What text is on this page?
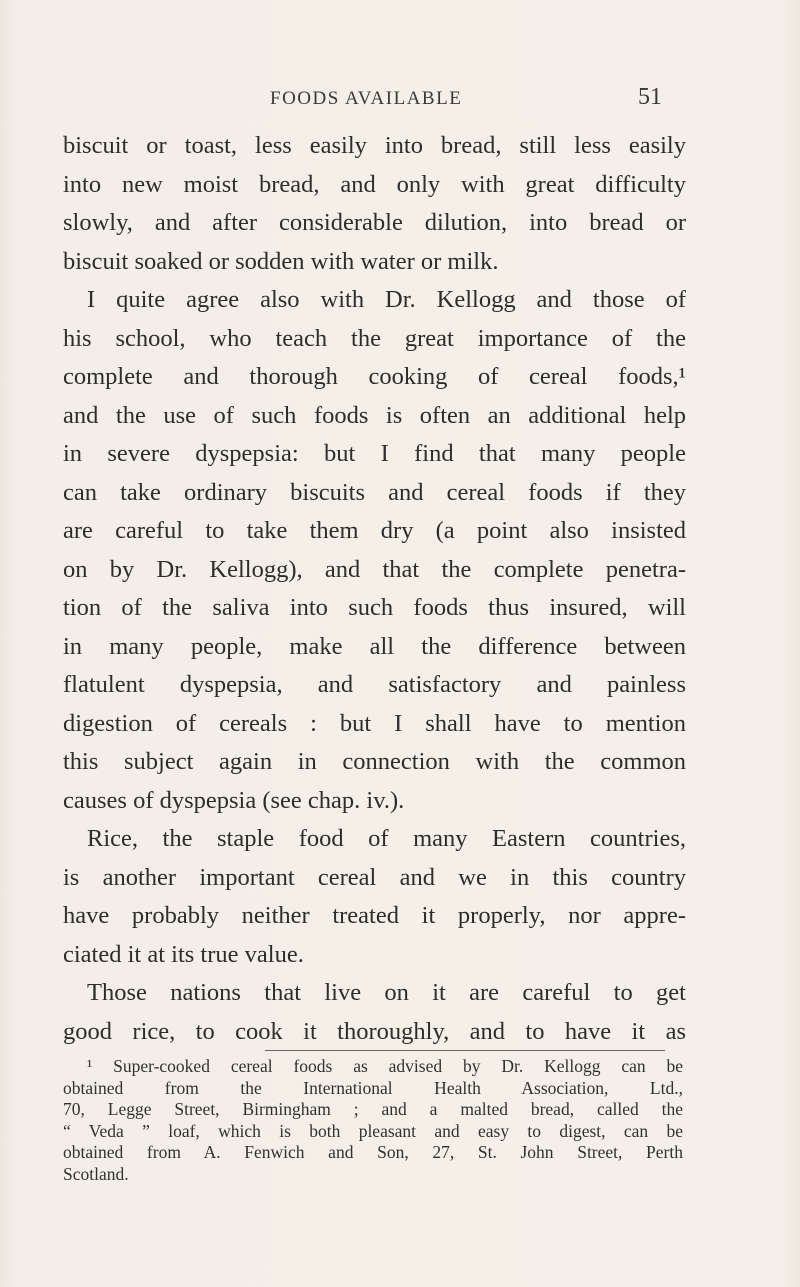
FOODS AVAILABLE	51
biscuit or toast, less easily into bread, still less easily
into new moist bread, and only with great difficulty
slowly, and after considerable dilution, into bread or
biscuit soaked or sodden with water or milk.
I quite agree also with Dr. Kellogg and those of
his school, who teach the great importance of the
complete and thorough cooking of cereal foods,¹
and the use of such foods is often an additional help
in severe dyspepsia: but I find that many people
can take ordinary biscuits and cereal foods if they
are careful to take them dry (a point also insisted
on by Dr. Kellogg), and that the complete penetra-
tion of the saliva into such foods thus insured, will
in many people, make all the difference between
flatulent dyspepsia, and satisfactory and painless
digestion of cereals : but I shall have to mention
this subject again in connection with the common
causes of dyspepsia (see chap. iv.).
Rice, the staple food of many Eastern countries,
is another important cereal and we in this country
have probably neither treated it properly, nor appre-
ciated it at its true value.
Those nations that live on it are careful to get
good rice, to cook it thoroughly, and to have it as
¹ Super-cooked cereal foods as advised by Dr. Kellogg can be
obtained from the International Health Association, Ltd.,
70, Legge Street, Birmingham ; and a malted bread, called the
“ Veda ” loaf, which is both pleasant and easy to digest, can be
obtained from A. Fenwich and Son, 27, St. John Street, Perth
Scotland.
